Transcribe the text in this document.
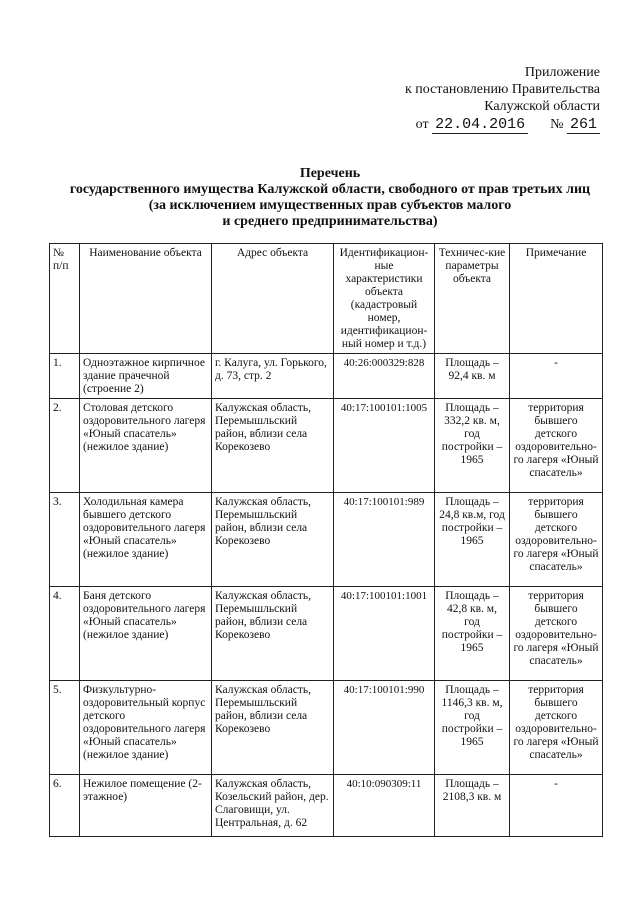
Приложение
к постановлению Правительства
Калужской области
от 22.04.2016 № 261
Перечень
государственного имущества Калужской области, свободного от прав третьих лиц
(за исключением имущественных прав субъектов малого
и среднего предпринимательства)
№ п/п	Наименование объекта	Адрес объекта	Идентификацион-ные характеристики объекта (кадастровый номер, идентификацион-ный номер и т.д.)	Техничес-кие параметры объекта	Примечание
1.	Одноэтажное кирпичное здание прачечной (строение 2)	г. Калуга, ул. Горького, д. 73, стр. 2	40:26:000329:828	Площадь – 92,4 кв. м	-
2.	Столовая детского оздоровительного лагеря «Юный спасатель» (нежилое здание)	Калужская область, Перемышльский район, вблизи села Корекозево	40:17:100101:1005	Площадь – 332,2 кв. м, год постройки – 1965	территория бывшего детского оздоровительно-го лагеря «Юный спасатель»
3.	Холодильная камера бывшего детского оздоровительного лагеря «Юный спасатель» (нежилое здание)	Калужская область, Перемышльский район, вблизи села Корекозево	40:17:100101:989	Площадь – 24,8 кв.м, год постройки – 1965	территория бывшего детского оздоровительно-го лагеря «Юный спасатель»
4.	Баня детского оздоровительного лагеря «Юный спасатель» (нежилое здание)	Калужская область, Перемышльский район, вблизи села Корекозево	40:17:100101:1001	Площадь – 42,8 кв. м, год постройки – 1965	территория бывшего детского оздоровительно-го лагеря «Юный спасатель»
5.	Физкультурно-оздоровительный корпус детского оздоровительного лагеря «Юный спасатель» (нежилое здание)	Калужская область, Перемышльский район, вблизи села Корекозево	40:17:100101:990	Площадь – 1146,3 кв. м, год постройки – 1965	территория бывшего детского оздоровительно-го лагеря «Юный спасатель»
6.	Нежилое помещение (2-этажное)	Калужская область, Козельский район, дер. Слаговищи, ул. Центральная, д. 62	40:10:090309:11	Площадь – 2108,3 кв. м	-
